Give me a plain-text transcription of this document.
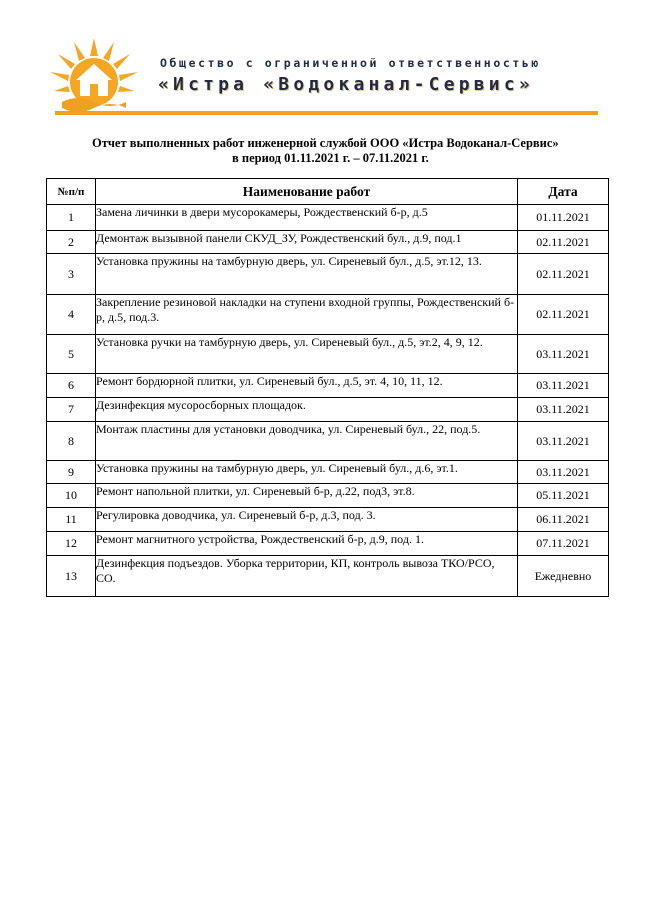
Общество с ограниченной ответственностью
«Истра «Водоканал-Сервис»
Отчет выполненных работ инженерной службой ООО «Истра Водоканал-Сервис»
в период 01.11.2021 г. – 07.11.2021 г.
№п/п	Наименование работ	Дата
1	Замена личинки в двери мусорокамеры, Рождественский б-р, д.5	01.11.2021
2	Демонтаж вызывной панели СКУД_ЗУ, Рождественский бул., д.9, под.1	02.11.2021
3	Установка пружины на тамбурную дверь, ул. Сиреневый бул., д.5, эт.12, 13.	02.11.2021
4	Закрепление резиновой накладки на ступени входной группы, Рождественский б-р, д.5, под.3.	02.11.2021
5	Установка ручки на тамбурную дверь, ул. Сиреневый бул., д.5, эт.2, 4, 9, 12.	03.11.2021
6	Ремонт бордюрной плитки, ул. Сиреневый бул., д.5, эт. 4, 10, 11, 12.	03.11.2021
7	Дезинфекция мусоросборных площадок.	03.11.2021
8	Монтаж пластины для установки доводчика, ул. Сиреневый бул., 22, под.5.	03.11.2021
9	Установка пружины на тамбурную дверь, ул. Сиреневый бул., д.6, эт.1.	03.11.2021
10	Ремонт напольной плитки, ул. Сиреневый б-р, д.22, под3, эт.8.	05.11.2021
11	Регулировка доводчика, ул. Сиреневый б-р, д.3, под. 3.	06.11.2021
12	Ремонт магнитного устройства, Рождественский б-р, д.9, под. 1.	07.11.2021
13	Дезинфекция подъездов. Уборка территории, КП, контроль вывоза ТКО/РСО, СО.	Ежедневно
